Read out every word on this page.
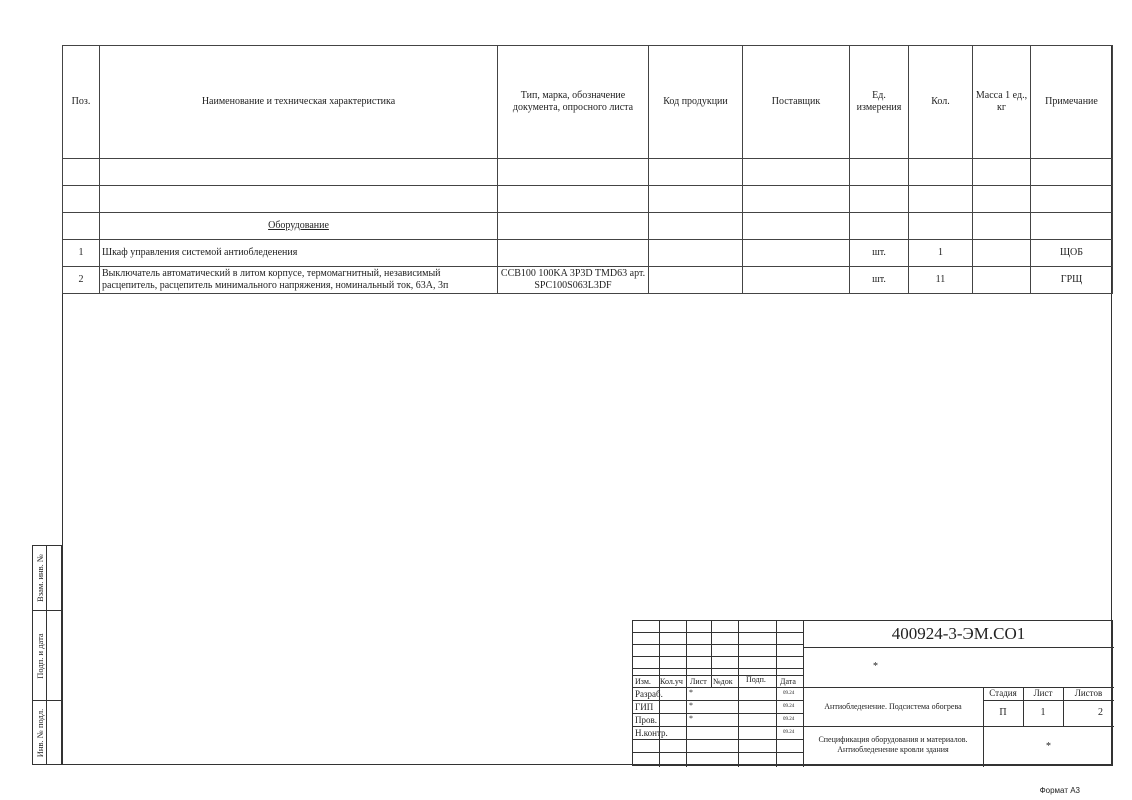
Поз.	Наименование и техническая характеристика	Тип, марка, обозначение документа, опросного листа	Код продукции	Поставщик	Ед. измерения	Кол.	Масса 1 ед., кг	Примечание

	Оборудование							
1	Шкаф управления системой антиобледенения				шт.	1		ЩОБ
2	Выключатель автоматический в литом корпусе, термомагнитный, независимый расцепитель, расцепитель минимального напряжения, номинальный ток, 63А, 3п	CCB100 100KA 3P3D TMD63 арт. SPC100S063L3DF			шт.	11		ГРЩ
Взам. инв. №
Подп. и дата
Инв. № подл.
400924-3-ЭМ.СО1
*
Изм. Кол.уч Лист №док Подп. Дата
Разраб.	*	09.24
ГИП	*	09.24
Пров.	*	09.24
Н.контр.	09.24
Антиобледенение. Подсистема обогрева
Стадия	Лист	Листов
П	1	2
Спецификация оборудования и материалов. Антиобледенение кровли здания	*
Формат А3
